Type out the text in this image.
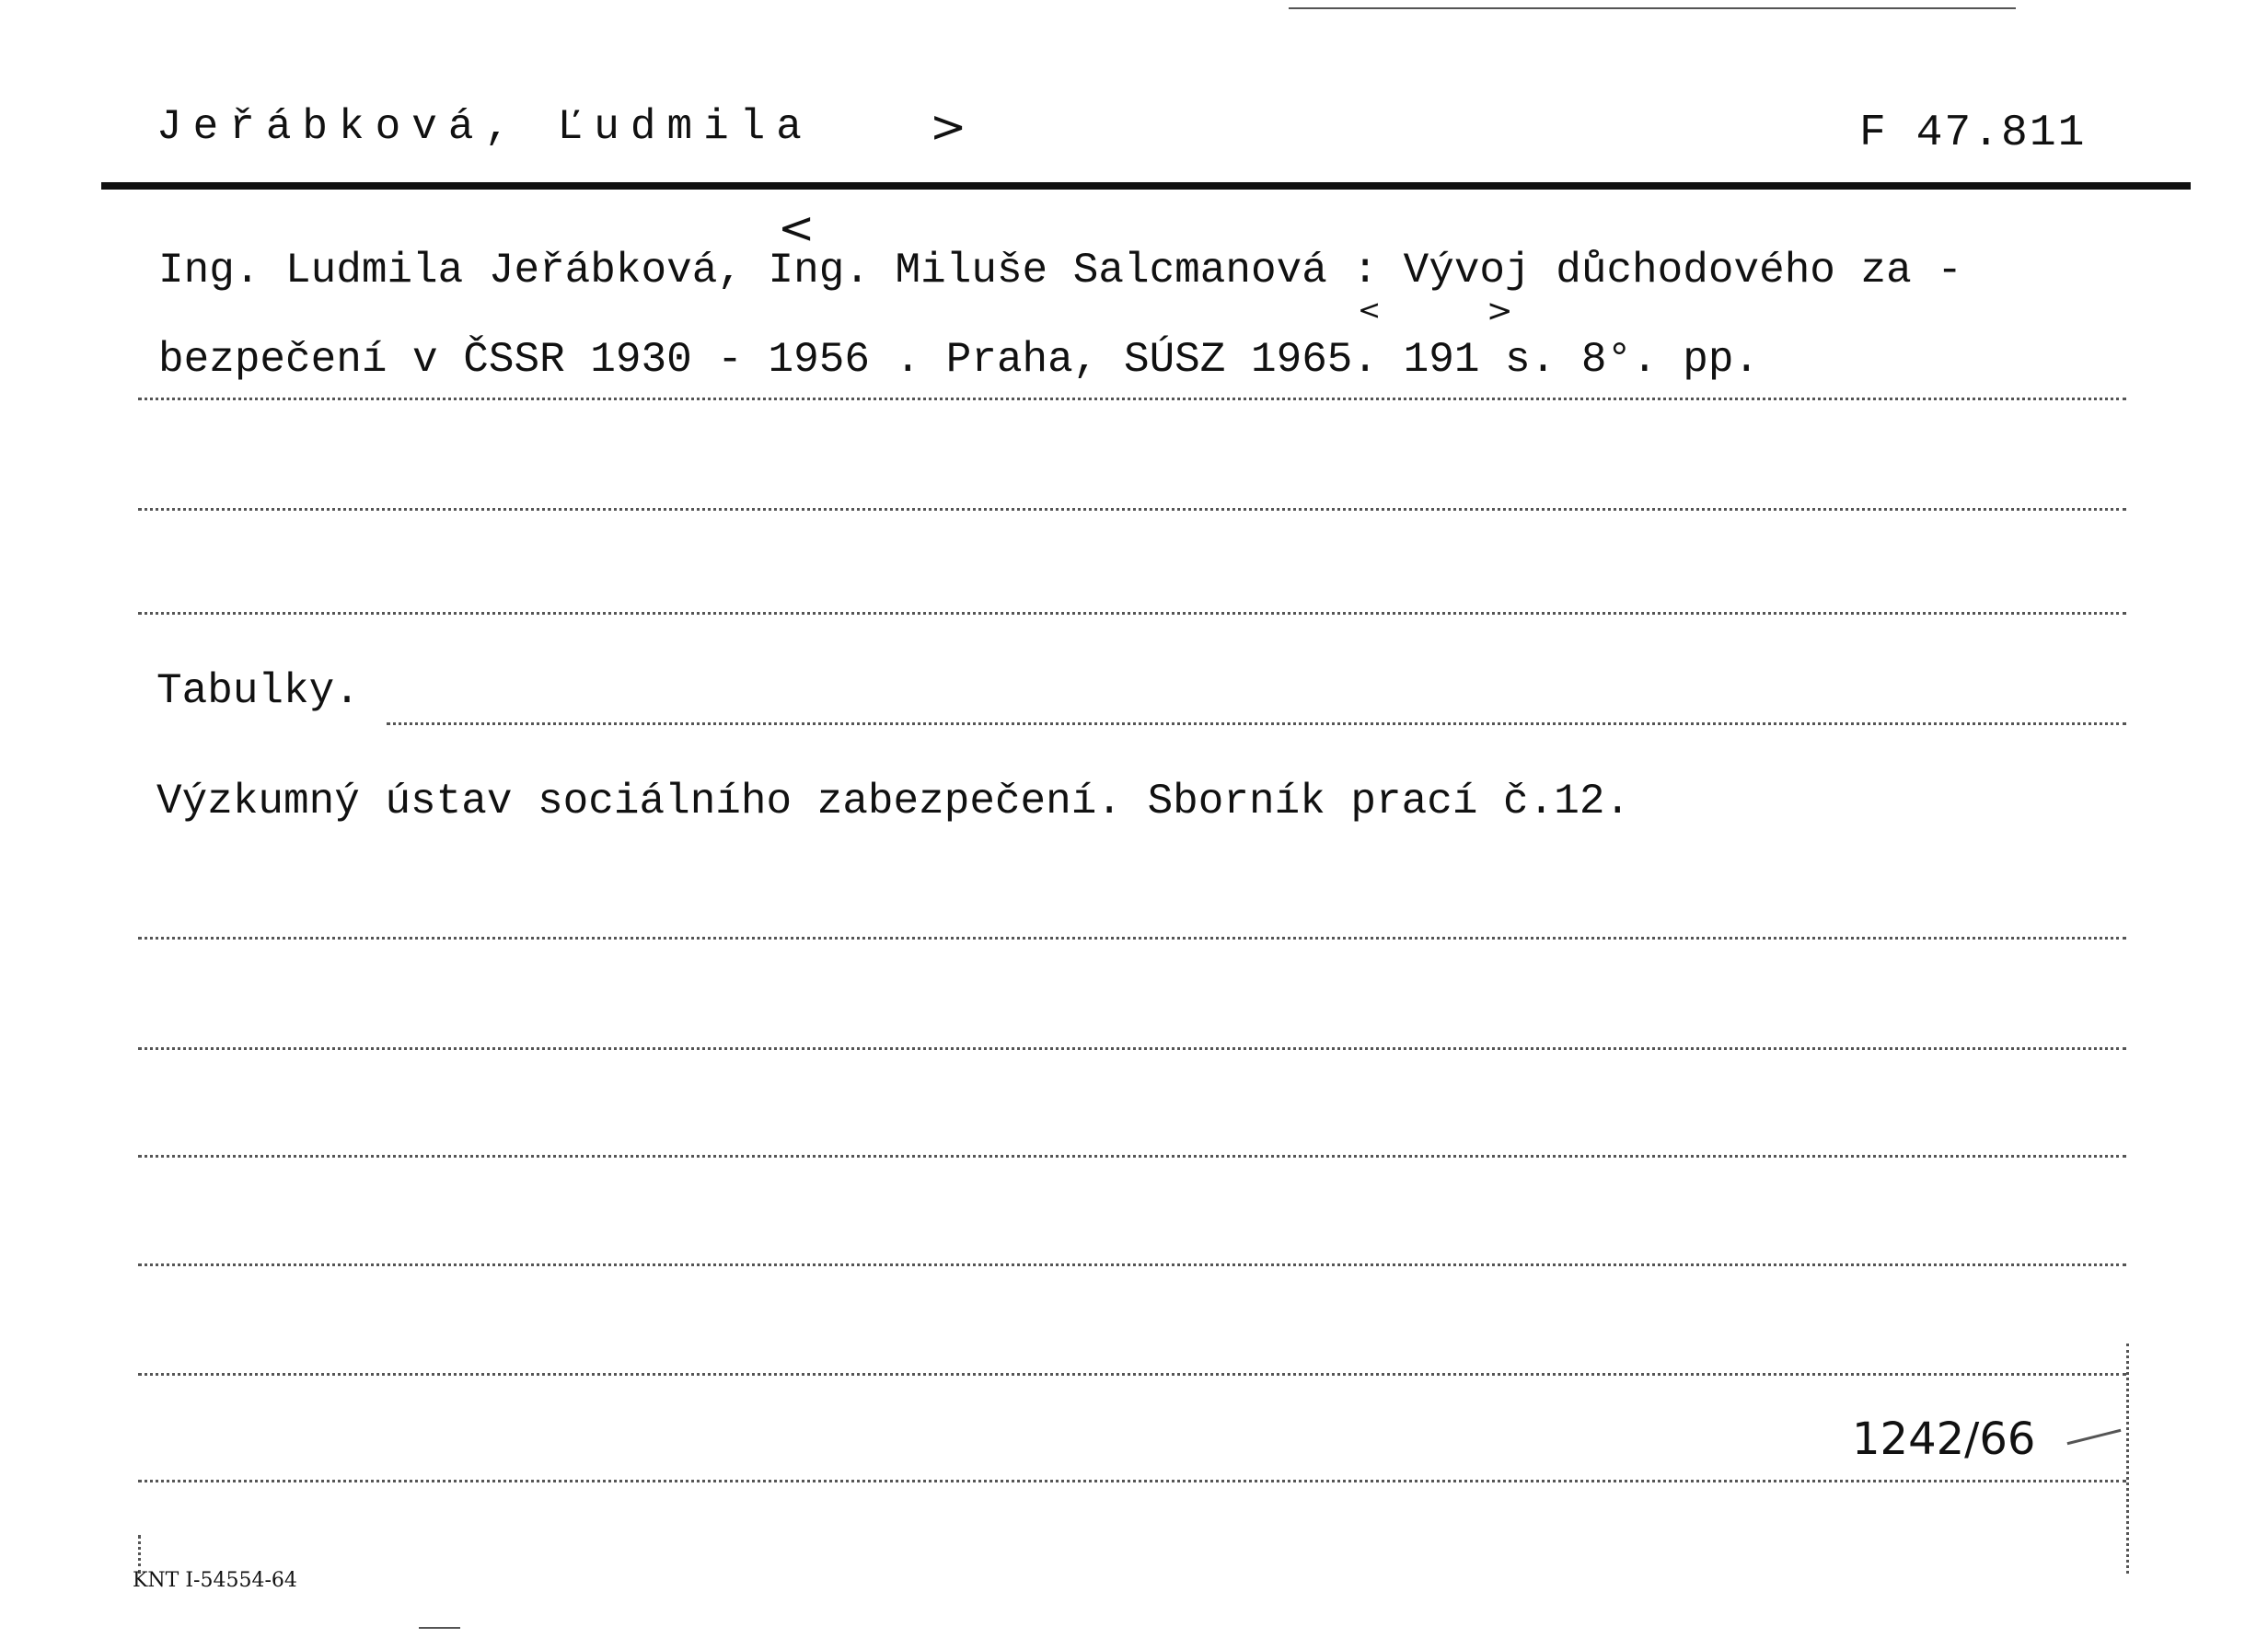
Jeřábková, Ľudmila	>	F 47.811
<
Ing. Ludmila Jeřábková, Ing. Miluše Salcmanová : Vývoj důchodového za -
bezpečení v ČSSR 1930 - 1956 . Praha, SÚSZ 1965. 191 s. 8°. pp.
<	>
Tabulky.
Výzkumný ústav sociálního zabezpečení. Sborník prací č.12.
1242/66
KNT I-54554-64
